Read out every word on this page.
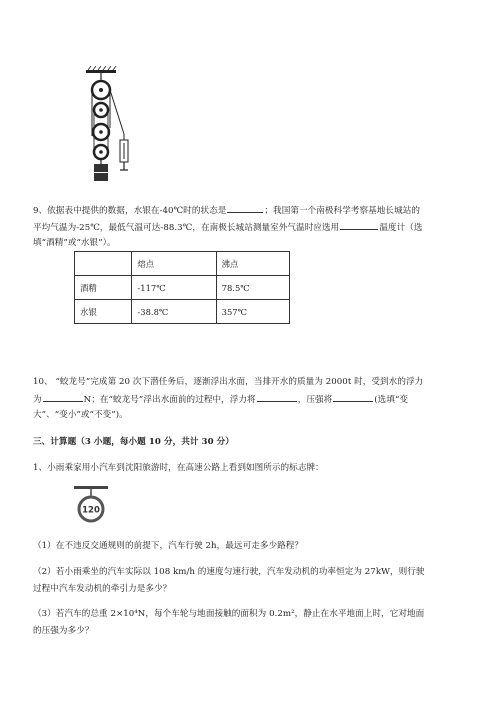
9、依据表中提供的数据，水银在-40℃时的状态是	；我国第一个南极科学考察基地长城站的
平均气温为-25℃，最低气温可达-88.3℃，在南极长城站测量室外气温时应选用	温度计（选
填“酒精”或“水银”）。
	熔点	沸点
酒精	-117℃	78.5℃
水银	-38.8℃	357℃
10、 “蛟龙号”完成第 20 次下潜任务后，逐渐浮出水面，当排开水的质量为 2000t 时，受到水的浮力
为	N；在“蛟龙号”浮出水面前的过程中，浮力将	，压强将	(选填“变
大”、“变小”或“不变”)。
三、计算题（3 小题，每小题 10 分，共计 30 分）
1、小雨乘家用小汽车到沈阳旅游时，在高速公路上看到如图所示的标志牌：
120
（1）在不违反交通规则的前提下，汽车行驶 2h，最远可走多少路程？
（2）若小雨乘坐的汽车实际以 108 km/h 的速度匀速行驶，汽车发动机的功率恒定为 27kW，则行驶
过程中汽车发动机的牵引力是多少？
（3）若汽车的总重 2×10⁴N，每个车轮与地面接触的面积为 0.2m²，静止在水平地面上时，它对地面
的压强为多少？
